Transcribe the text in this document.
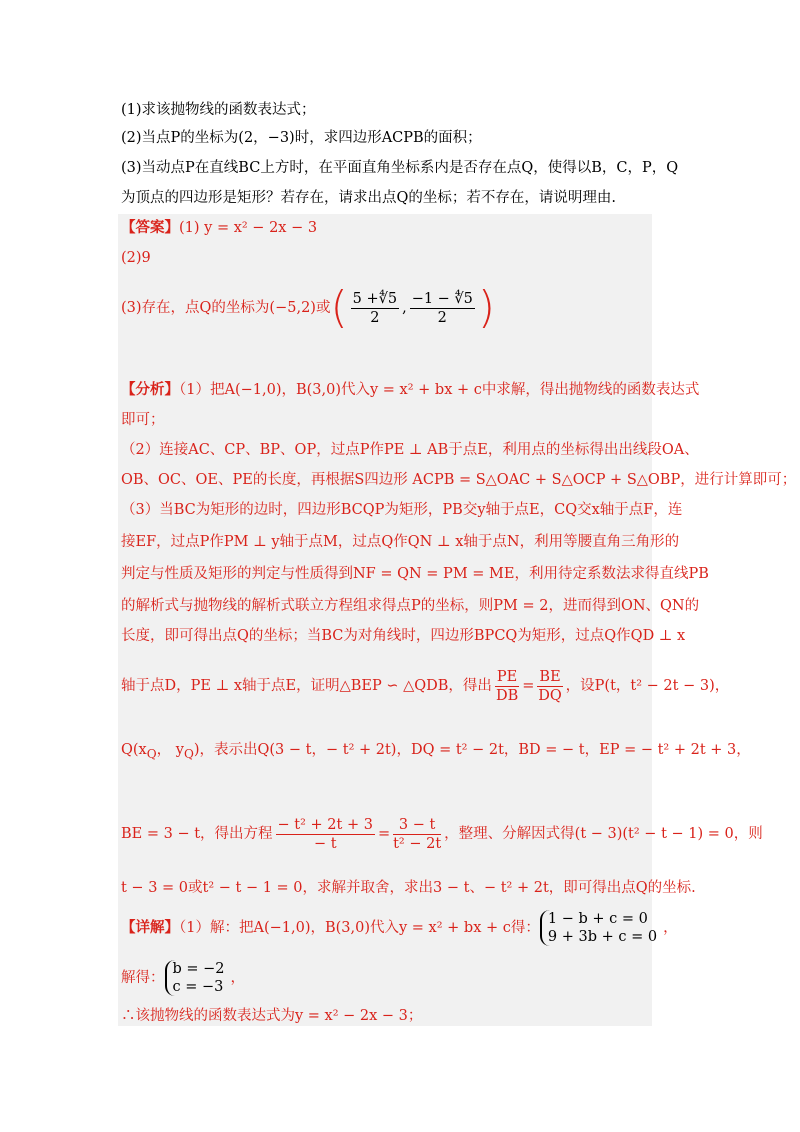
(1)求该抛物线的函数表达式；
(2)当点P的坐标为(2，−3)时，求四边形ACPB的面积；
(3)当动点P在直线BC上方时，在平面直角坐标系内是否存在点Q，使得以B，C，P，Q
为顶点的四边形是矩形？若存在，请求出点Q的坐标；若不存在，请说明理由.
【答案】(1) y = x² − 2x − 3
(2)9
(3)存在，点Q的坐标为(−5,2)或( $\frac{5 +∜5}{2}$ , $\frac{-1 - ∜5}{2}$ )
【分析】（1）把A(−1,0)，B(3,0)代入y = x² + bx + c中求解，得出抛物线的函数表达式
即可；
（2）连接AC、CP、BP、OP，过点P作PE ⊥ AB于点E，利用点的坐标得出出线段OA、
OB、OC、OE、PE的长度，再根据S四边形 ACPB = S△OAC + S△OCP + S△OBP，进行计算即可；
（3）当BC为矩形的边时，四边形BCQP为矩形，PB交y轴于点E，CQ交x轴于点F，连
接EF，过点P作PM ⊥ y轴于点M，过点Q作QN ⊥ x轴于点N，利用等腰直角三角形的
判定与性质及矩形的判定与性质得到NF = QN = PM = ME，利用待定系数法求得直线PB
的解析式与抛物线的解析式联立方程组求得点P的坐标，则PM = 2，进而得到ON、QN的
长度，即可得出点Q的坐标；当BC为对角线时，四边形BPCQ为矩形，过点Q作QD ⊥ x
轴于点D，PE ⊥ x轴于点E，证明△BEP ∽ △QDB，得出 $\frac{PE}{DB} = \frac{BE}{DQ}$ ，设P(t，t² − 2t − 3)，
$Q(x_Q$， $y_Q$)，表示出Q(3 − t，− t² + 2t)，DQ = t² − 2t，BD = − t，EP = − t² + 2t + 3，
BE = 3 − t，得出方程 $\frac{\text{− t² + 2t + 3}}{- t} = \frac{3 - t}{\text{t² − 2t}}$ ，整理、分解因式得(t − 3)(t² − t − 1) = 0，则
t − 3 = 0或t² − t − 1 = 0，求解并取舍，求出3 − t、− t² + 2t，即可得出点Q的坐标.
【详解】（1）解：把A(−1,0)，B(3,0)代入y = x² + bx + c得：
1 − b + c = 0
9 + 3b + c = 0
，
解得：
b = −2
c = −3
，
∴该抛物线的函数表达式为y = x² − 2x − 3；
